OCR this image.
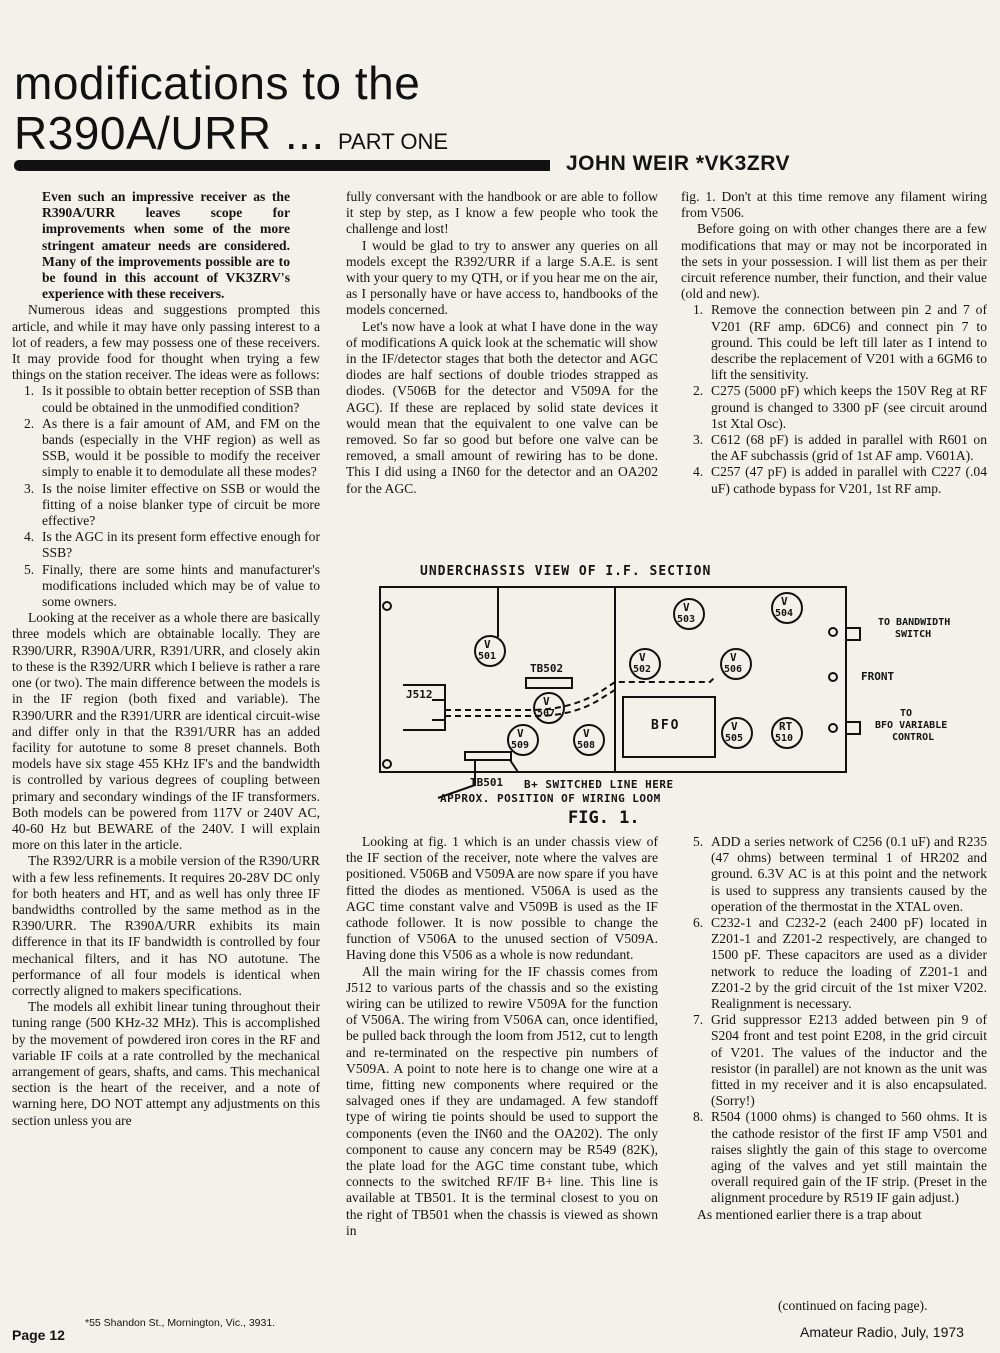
modifications to the
R390A/URR ... PART ONE
JOHN WEIR *VK3ZRV

Even such an impressive receiver as the R390A/URR leaves scope for improvements when some of the more stringent amateur needs are considered. Many of the improvements possible are to be found in this account of VK3ZRV's experience with these receivers.

Numerous ideas and suggestions prompted this article, and while it may have only passing interest to a lot of readers, a few may possess one of these receivers. It may provide food for thought when trying a few things on the station receiver. The ideas were as follows:

1. Is it possible to obtain better reception of SSB than could be obtained in the unmodified condition?
2. As there is a fair amount of AM, and FM on the bands (especially in the VHF region) as well as SSB, would it be possible to modify the receiver simply to enable it to demodulate all these modes?
3. Is the noise limiter effective on SSB or would the fitting of a noise blanker type of circuit be more effective?
4. Is the AGC in its present form effective enough for SSB?
5. Finally, there are some hints and manufacturer's modifications included which may be of value to some owners.

Looking at the receiver as a whole there are basically three models which are obtainable locally. They are R390/URR, R390A/URR, R391/URR, and closely akin to these is the R392/URR which I believe is rather a rare one (or two). The main difference between the models is in the IF region (both fixed and variable). The R390/URR and the R391/URR are identical circuit-wise and differ only in that the R391/URR has an added facility for autotune to some 8 preset channels. Both models have six stage 455 KHz IF's and the bandwidth is controlled by various degrees of coupling between primary and secondary windings of the IF transformers. Both models can be powered from 117V or 240V AC, 40-60 Hz but BEWARE of the 240V. I will explain more on this later in the article.

The R392/URR is a mobile version of the R390/URR with a few less refinements. It requires 20-28V DC only for both heaters and HT, and as well has only three IF bandwidths controlled by the same method as in the R390/URR. The R390A/URR exhibits its main difference in that its IF bandwidth is controlled by four mechanical filters, and it has NO autotune. The performance of all four models is identical when correctly aligned to makers specifications.

The models all exhibit linear tuning throughout their tuning range (500 KHz-32 MHz). This is accomplished by the movement of powdered iron cores in the RF and variable IF coils at a rate controlled by the mechanical arrangement of gears, shafts, and cams. This mechanical section is the heart of the receiver, and a note of warning here, DO NOT attempt any adjustments on this section unless you are

fully conversant with the handbook or are able to follow it step by step, as I know a few people who took the challenge and lost!

I would be glad to try to answer any queries on all models except the R392/URR if a large S.A.E. is sent with your query to my QTH, or if you hear me on the air, as I personally have or have access to, handbooks of the models concerned.

Let's now have a look at what I have done in the way of modifications A quick look at the schematic will show in the IF/detector stages that both the detector and AGC diodes are half sections of double triodes strapped as diodes. (V506B for the detector and V509A for the AGC). If these are replaced by solid state devices it would mean that the equivalent to one valve can be removed. So far so good but before one valve can be removed, a small amount of rewiring has to be done. This I did using a IN60 for the detector and an OA202 for the AGC.

fig. 1. Don't at this time remove any filament wiring from V506.

Before going on with other changes there are a few modifications that may or may not be incorporated in the sets in your possession. I will list them as per their circuit reference number, their function, and their value (old and new).

1. Remove the connection between pin 2 and 7 of V201 (RF amp. 6DC6) and connect pin 7 to ground. This could be left till later as I intend to describe the replacement of V201 with a 6GM6 to lift the sensitivity.
2. C275 (5000 pF) which keeps the 150V Reg at RF ground is changed to 3300 pF (see circuit around 1st Xtal Osc).
3. C612 (68 pF) is added in parallel with R601 on the AF subchassis (grid of 1st AF amp. V601A).
4. C257 (47 pF) is added in parallel with C227 (.04 uF) cathode bypass for V201, 1st RF amp.
UNDERCHASSIS VIEW OF I.F. SECTION
V
501	V
502
V
503
V
504
V
505
V
506
V
507
V
508
V
509
RT
510
TB502
J512
BFO
TB501 B+ SWITCHED LINE HERE
APPROX. POSITION OF WIRING LOOM
TO BANDWIDTH
SWITCH
FRONT
TO
BFO VARIABLE
CONTROL
FIG. 1.

Looking at fig. 1 which is an under chassis view of the IF section of the receiver, note where the valves are positioned. V506B and V509A are now spare if you have fitted the diodes as mentioned. V506A is used as the AGC time constant valve and V509B is used as the IF cathode follower. It is now possible to change the function of V506A to the unused section of V509A. Having done this V506 as a whole is now redundant.

All the main wiring for the IF chassis comes from J512 to various parts of the chassis and so the existing wiring can be utilized to rewire V509A for the function of V506A. The wiring from V506A can, once identified, be pulled back through the loom from J512, cut to length and re-terminated on the respective pin numbers of V509A. A point to note here is to change one wire at a time, fitting new components where required or the salvaged ones if they are undamaged. A few standoff type of wiring tie points should be used to support the components (even the IN60 and the OA202). The only component to cause any concern may be R549 (82K), the plate load for the AGC time constant tube, which connects to the switched RF/IF B+ line. This line is available at TB501. It is the terminal closest to you on the right of TB501 when the chassis is viewed as shown in

5. ADD a series network of C256 (0.1 uF) and R235 (47 ohms) between terminal 1 of HR202 and ground. 6.3V AC is at this point and the network is used to suppress any transients caused by the operation of the thermostat in the XTAL oven.
6. C232-1 and C232-2 (each 2400 pF) located in Z201-1 and Z201-2 respectively, are changed to 1500 pF. These capacitors are used as a divider network to reduce the loading of Z201-1 and Z201-2 by the grid circuit of the 1st mixer V202. Realignment is necessary.
7. Grid suppressor E213 added between pin 9 of S204 front and test point E208, in the grid circuit of V201. The values of the inductor and the resistor (in parallel) are not known as the unit was fitted in my receiver and it is also encapsulated. (Sorry!)
8. R504 (1000 ohms) is changed to 560 ohms. It is the cathode resistor of the first IF amp V501 and raises slightly the gain of this stage to overcome aging of the valves and yet still maintain the overall required gain of the IF strip. (Preset in the alignment procedure by R519 IF gain adjust.)

As mentioned earlier there is a trap about

(continued on facing page).
*55 Shandon St., Mornington, Vic., 3931.
Page 12	Amateur Radio, July, 1973
